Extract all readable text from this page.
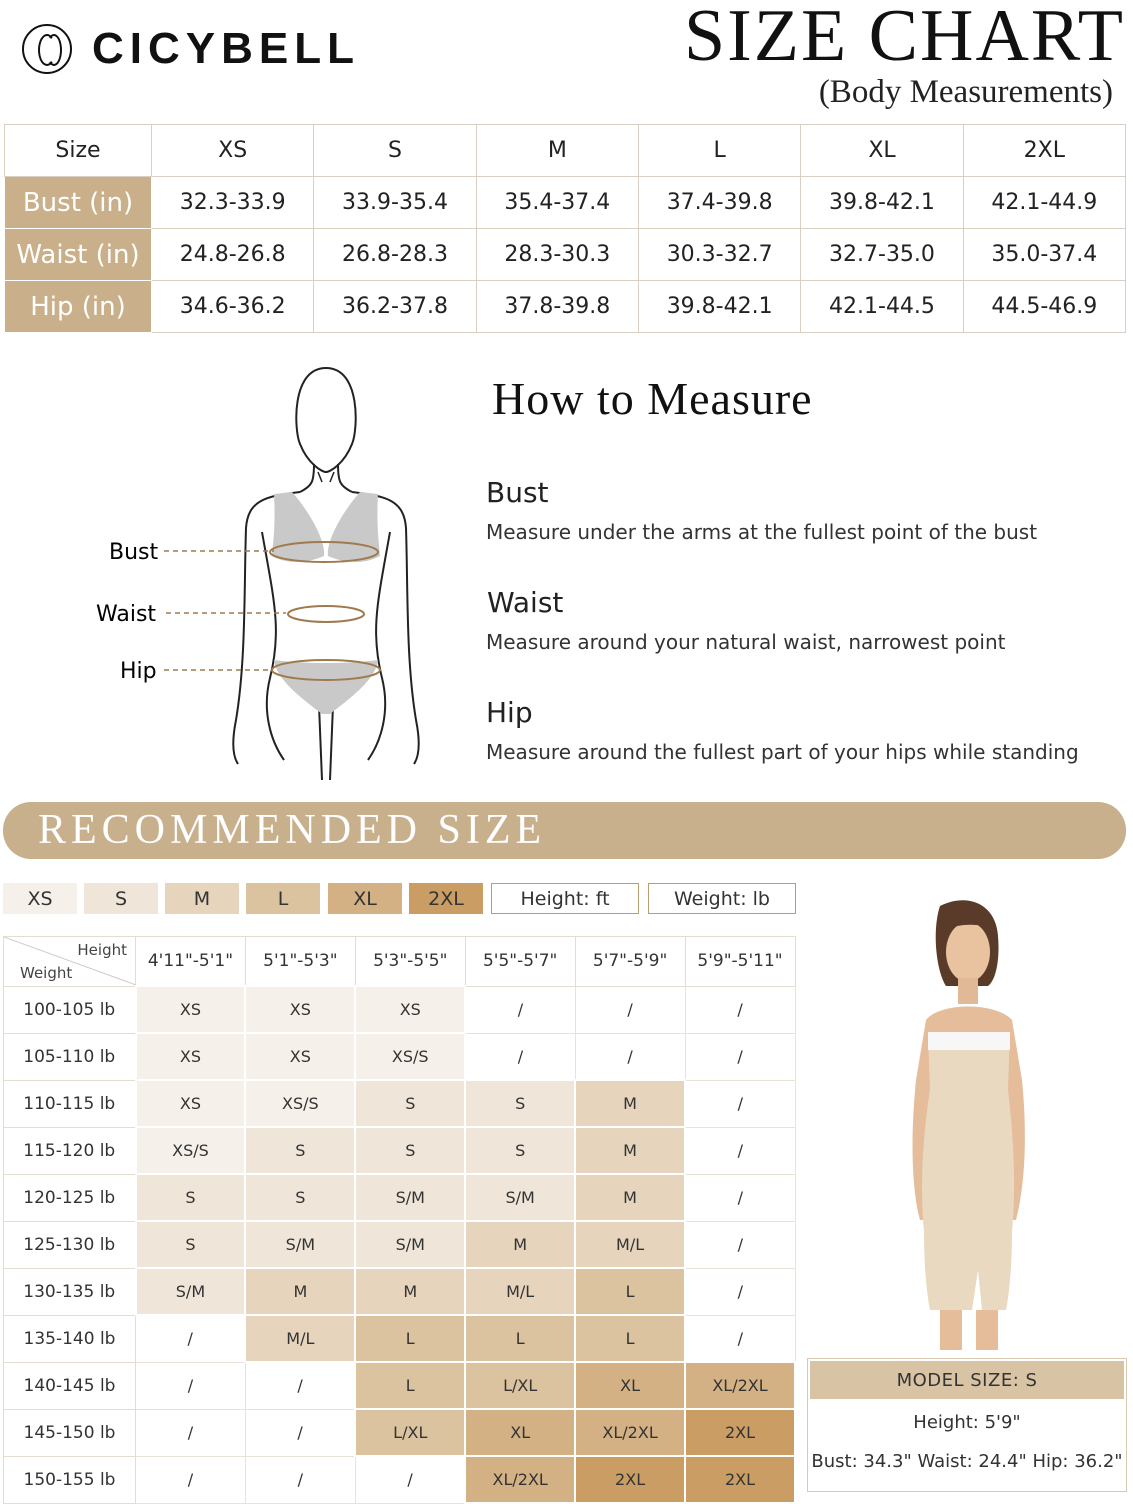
CICYBELL	SIZE CHART
(Body Measurements)
Size	XS	S	M	L	XL	2XL
Bust (in)	32.3-33.9	33.9-35.4	35.4-37.4	37.4-39.8	39.8-42.1	42.1-44.9
Waist (in)	24.8-26.8	26.8-28.3	28.3-30.3	30.3-32.7	32.7-35.0	35.0-37.4
Hip (in)	34.6-36.2	36.2-37.8	37.8-39.8	39.8-42.1	42.1-44.5	44.5-46.9
Bust
Waist
Hip
How to Measure
Bust
Measure under the arms at the fullest point of the bust
Waist
Measure around your natural waist, narrowest point
Hip
Measure around the fullest part of your hips while standing
RECOMMENDED SIZE
XS	S	M	L	XL	2XL	Height: ft	Weight: lb
Height
Weight	4'11"-5'1"	5'1"-5'3"	5'3"-5'5"	5'5"-5'7"	5'7"-5'9"	5'9"-5'11"
100-105 lb	XS	XS	XS	/	/	/
105-110 lb	XS	XS	XS/S	/	/	/
110-115 lb	XS	XS/S	S	S	M	/
115-120 lb	XS/S	S	S	S	M	/
120-125 lb	S	S	S/M	S/M	M	/
125-130 lb	S	S/M	S/M	M	M/L	/
130-135 lb	S/M	M	M	M/L	L	/
135-140 lb	/	M/L	L	L	L	/
140-145 lb	/	/	L	L/XL	XL	XL/2XL
145-150 lb	/	/	L/XL	XL	XL/2XL	2XL
150-155 lb	/	/	/	XL/2XL	2XL	2XL
MODEL SIZE: S
Height: 5'9"
Bust: 34.3" Waist: 24.4" Hip: 36.2"
